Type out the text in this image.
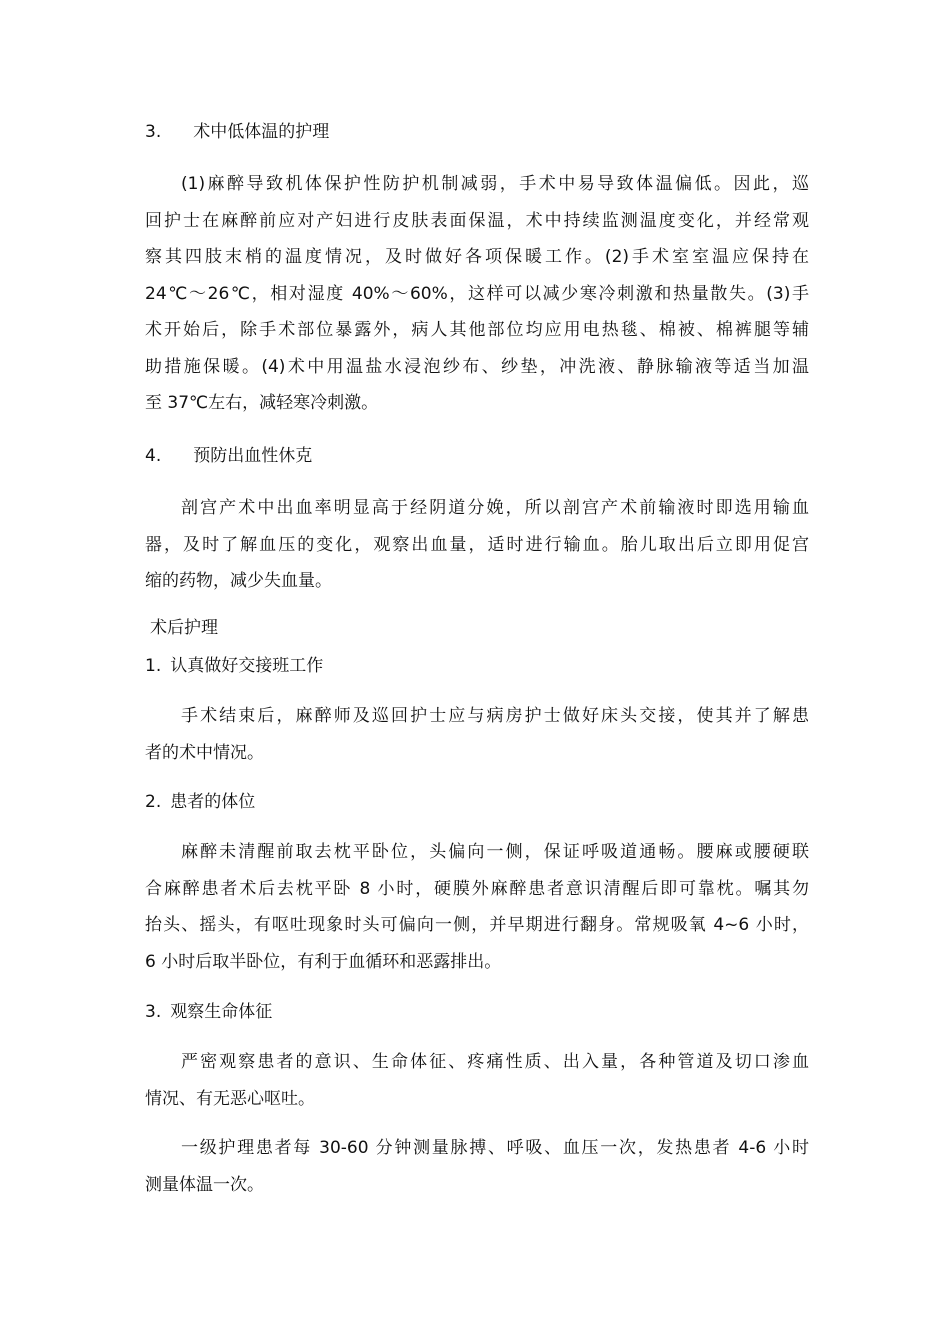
3. 术中低体温的护理
(1)麻醉导致机体保护性防护机制减弱，手术中易导致体温偏低。因此，巡
回护士在麻醉前应对产妇进行皮肤表面保温，术中持续监测温度变化，并经常观
察其四肢末梢的温度情况，及时做好各项保暖工作。(2)手术室室温应保持在
24℃～26℃，相对湿度 40%～60%，这样可以减少寒冷刺激和热量散失。(3)手
术开始后，除手术部位暴露外，病人其他部位均应用电热毯、棉被、棉裤腿等辅
助措施保暖。(4)术中用温盐水浸泡纱布、纱垫，冲洗液、静脉输液等适当加温
至 37℃左右，减轻寒冷刺激。
4. 预防出血性休克
剖宫产术中出血率明显高于经阴道分娩，所以剖宫产术前输液时即选用输血
器，及时了解血压的变化，观察出血量，适时进行输血。胎儿取出后立即用促宫
缩的药物，减少失血量。
术后护理
1. 认真做好交接班工作
手术结束后，麻醉师及巡回护士应与病房护士做好床头交接，使其并了解患
者的术中情况。
2. 患者的体位
麻醉未清醒前取去枕平卧位，头偏向一侧，保证呼吸道通畅。腰麻或腰硬联
合麻醉患者术后去枕平卧 8 小时，硬膜外麻醉患者意识清醒后即可靠枕。嘱其勿
抬头、摇头，有呕吐现象时头可偏向一侧，并早期进行翻身。常规吸氧 4~6 小时，
6 小时后取半卧位，有利于血循环和恶露排出。
3. 观察生命体征
严密观察患者的意识、生命体征、疼痛性质、出入量，各种管道及切口渗血
情况、有无恶心呕吐。
一级护理患者每 30-60 分钟测量脉搏、呼吸、血压一次，发热患者 4-6 小时
测量体温一次。
